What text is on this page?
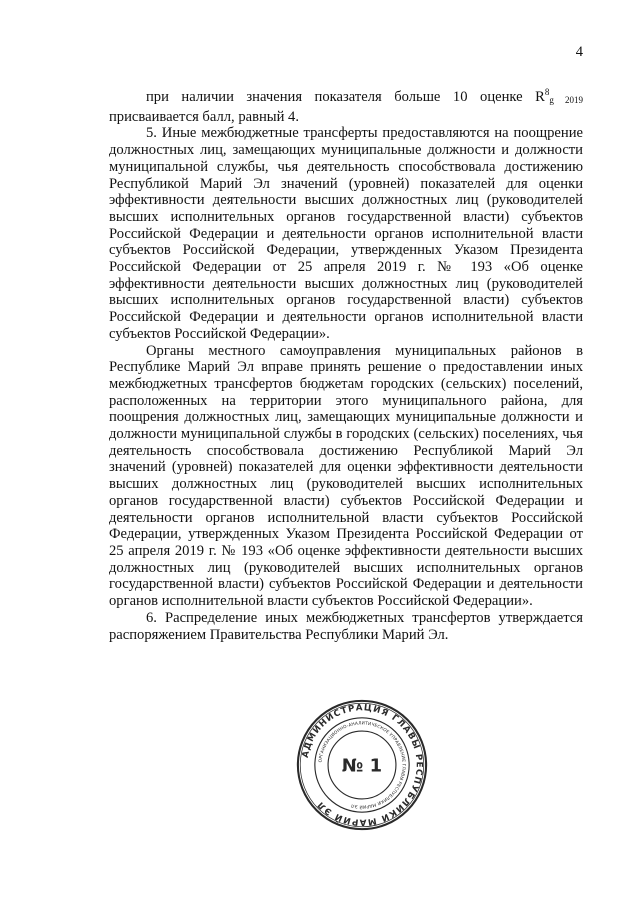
4

при наличии значения показателя больше 10 оценке $R^8_{g 2019}$ присваивается балл, равный 4.

5. Иные межбюджетные трансферты предоставляются на поощрение должностных лиц, замещающих муниципальные должности и должности муниципальной службы, чья деятельность способствовала достижению Республикой Марий Эл значений (уровней) показателей для оценки эффективности деятельности высших должностных лиц (руководителей высших исполнительных органов государственной власти) субъектов Российской Федерации и деятельности органов исполнительной власти субъектов Российской Федерации, утвержденных Указом Президента Российской Федерации от 25 апреля 2019 г. № 193 «Об оценке эффективности деятельности высших должностных лиц (руководителей высших исполнительных органов государственной власти) субъектов Российской Федерации и деятельности органов исполнительной власти субъектов Российской Федерации».

Органы местного самоуправления муниципальных районов в Республике Марий Эл вправе принять решение о предоставлении иных межбюджетных трансфертов бюджетам городских (сельских) поселений, расположенных на территории этого муниципального района, для поощрения должностных лиц, замещающих муниципальные должности и должности муниципальной службы в городских (сельских) поселениях, чья деятельность способствовала достижению Республикой Марий Эл значений (уровней) показателей для оценки эффективности деятельности высших должностных лиц (руководителей высших исполнительных органов государственной власти) субъектов Российской Федерации и деятельности органов исполнительной власти субъектов Российской Федерации, утвержденных Указом Президента Российской Федерации от 25 апреля 2019 г. № 193 «Об оценке эффективности деятельности высших должностных лиц (руководителей высших исполнительных органов государственной власти) субъектов Российской Федерации и деятельности органов исполнительной власти субъектов Российской Федерации».

6. Распределение иных межбюджетных трансфертов утверждается распоряжением Правительства Республики Марий Эл.

АДМИНИСТРАЦИЯ ГЛАВЫ РЕСПУБЛИКИ МАРИЙ ЭЛ
ОРГАНИЗАЦИОННО-АНАЛИТИЧЕСКОЕ УПРАВЛЕНИЕ ГЛАВЫ РЕСПУБЛИКИ МАРИЙ ЭЛ
№ 1
